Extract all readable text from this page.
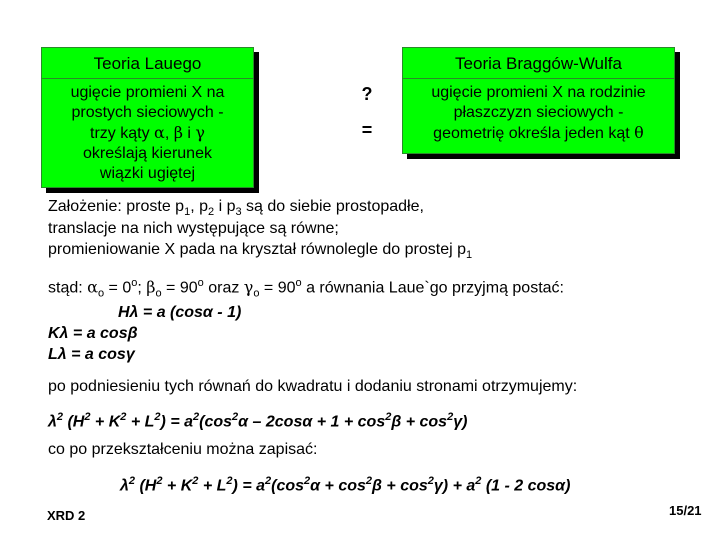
Teoria Lauego
ugięcie promieni X na
prostych sieciowych -
trzy kąty α, β i γ
określają kierunek
wiązki ugiętej
?
=
Teoria Braggów-Wulfa
ugięcie promieni X na rodzinie
płaszczyzn sieciowych -
geometrię określa jeden kąt θ
Założenie: proste $p_1$, $p_2$ i $p_3$ są do siebie prostopadłe,
translacje na nich występujące są równe;
promieniowanie X pada na kryształ równolegle do prostej $p_1$
stąd: $\alpha_o = 0^o$; $\beta_o = 90^o$ oraz $\gamma_o = 90^o$ a równania Laue`go przyjmą postać:
Hλ = a (cosα - 1)
Kλ = a cosβ
Lλ = a cosγ
po podniesieniu tych równań do kwadratu i dodaniu stronami otrzymujemy:
$\lambda^2$ $(H^2 + K^2 + L^2) = a^2(\cos^2\alpha - 2\cos\alpha + 1 + \cos^2\beta + \cos^2\gamma)$
co po przekształceniu można zapisać:
$\lambda^2$ $(H^2 + K^2 + L^2) = a^2(\cos^2\alpha + \cos^2\beta + \cos^2\gamma) + a^2$ (1 - 2 cosα)
XRD 2	15/21
